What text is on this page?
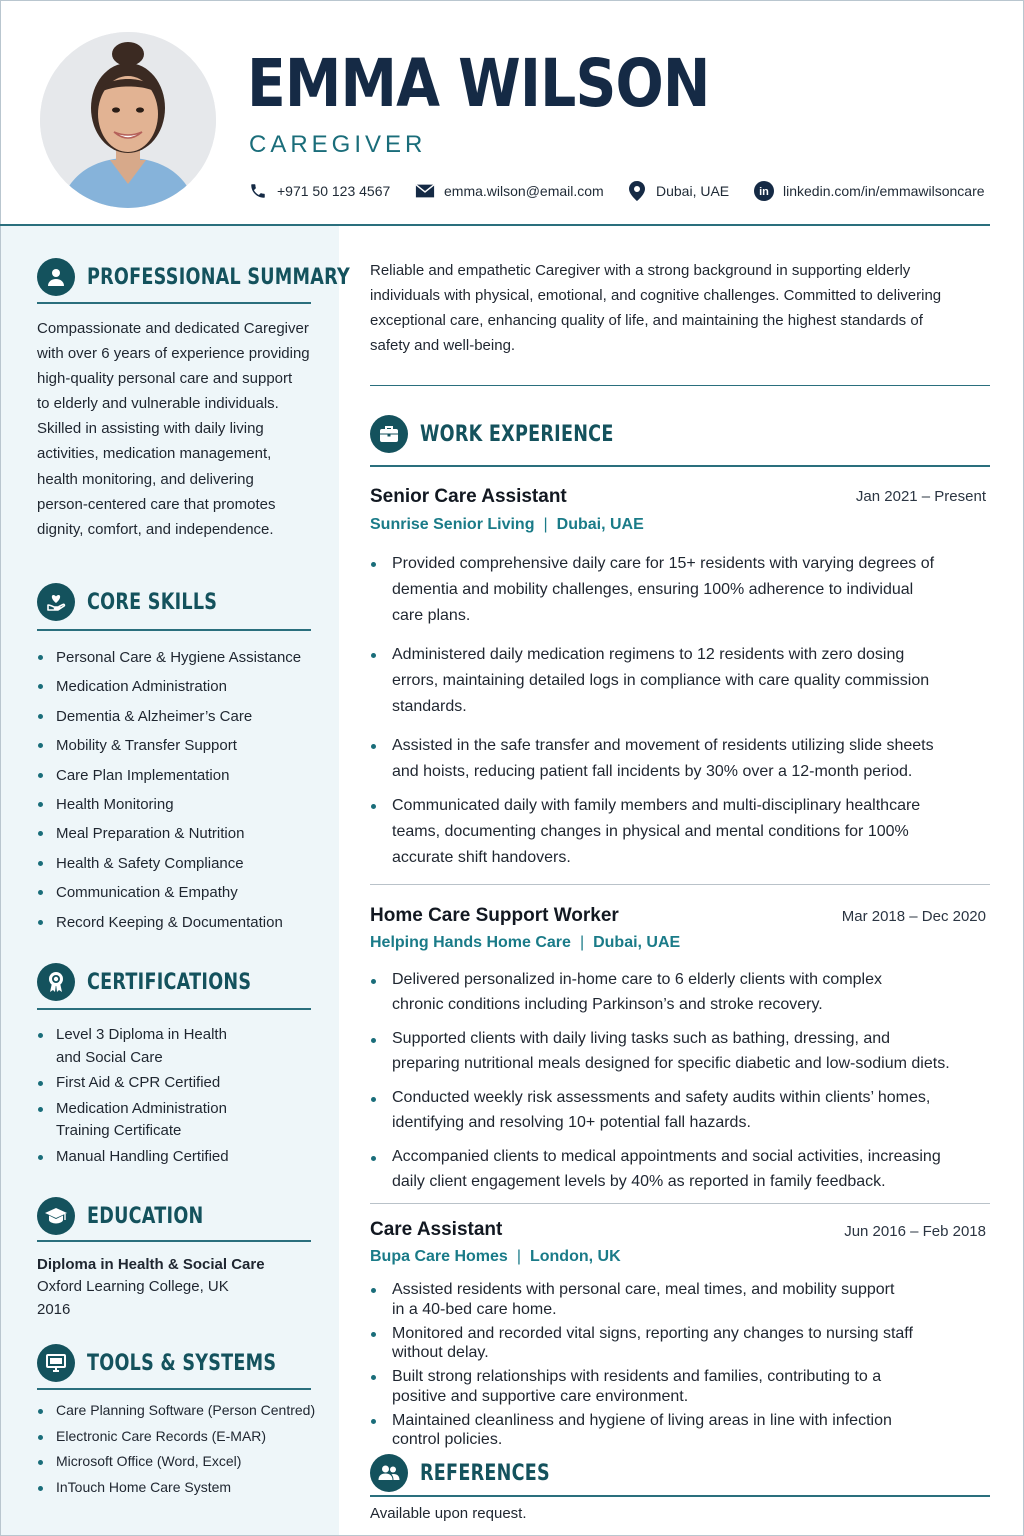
EMMA WILSON
CAREGIVER
+971 50 123 4567	emma.wilson@email.com	Dubai, UAE	in linkedin.com/in/emmawilsoncare
PROFESSIONAL SUMMARY
Compassionate and dedicated Caregiver
with over 6 years of experience providing
high-quality personal care and support
to elderly and vulnerable individuals.
Skilled in assisting with daily living
activities, medication management,
health monitoring, and delivering
person-centered care that promotes
dignity, comfort, and independence.
CORE SKILLS
Personal Care & Hygiene Assistance
Medication Administration
Dementia & Alzheimer’s Care
Mobility & Transfer Support
Care Plan Implementation
Health Monitoring
Meal Preparation & Nutrition
Health & Safety Compliance
Communication & Empathy
Record Keeping & Documentation
CERTIFICATIONS
Level 3 Diploma in Health
and Social Care
First Aid & CPR Certified
Medication Administration
Training Certificate
Manual Handling Certified
EDUCATION
Diploma in Health & Social Care
Oxford Learning College, UK
2016
TOOLS & SYSTEMS
Care Planning Software (Person Centred)
Electronic Care Records (E-MAR)
Microsoft Office (Word, Excel)
InTouch Home Care System
Reliable and empathetic Caregiver with a strong background in supporting elderly
individuals with physical, emotional, and cognitive challenges. Committed to delivering
exceptional care, enhancing quality of life, and maintaining the highest standards of
safety and well-being.
WORK EXPERIENCE
Senior Care Assistant	Jan 2021 – Present
Sunrise Senior Living | Dubai, UAE
Provided comprehensive daily care for 15+ residents with varying degrees of
dementia and mobility challenges, ensuring 100% adherence to individual
care plans.
Administered daily medication regimens to 12 residents with zero dosing
errors, maintaining detailed logs in compliance with care quality commission
standards.
Assisted in the safe transfer and movement of residents utilizing slide sheets
and hoists, reducing patient fall incidents by 30% over a 12-month period.
Communicated daily with family members and multi-disciplinary healthcare
teams, documenting changes in physical and mental conditions for 100%
accurate shift handovers.
Home Care Support Worker	Mar 2018 – Dec 2020
Helping Hands Home Care | Dubai, UAE
Delivered personalized in-home care to 6 elderly clients with complex
chronic conditions including Parkinson’s and stroke recovery.
Supported clients with daily living tasks such as bathing, dressing, and
preparing nutritional meals designed for specific diabetic and low-sodium diets.
Conducted weekly risk assessments and safety audits within clients’ homes,
identifying and resolving 10+ potential fall hazards.
Accompanied clients to medical appointments and social activities, increasing
daily client engagement levels by 40% as reported in family feedback.
Care Assistant	Jun 2016 – Feb 2018
Bupa Care Homes | London, UK
Assisted residents with personal care, meal times, and mobility support
in a 40-bed care home.
Monitored and recorded vital signs, reporting any changes to nursing staff
without delay.
Built strong relationships with residents and families, contributing to a
positive and supportive care environment.
Maintained cleanliness and hygiene of living areas in line with infection
control policies.
REFERENCES
Available upon request.
